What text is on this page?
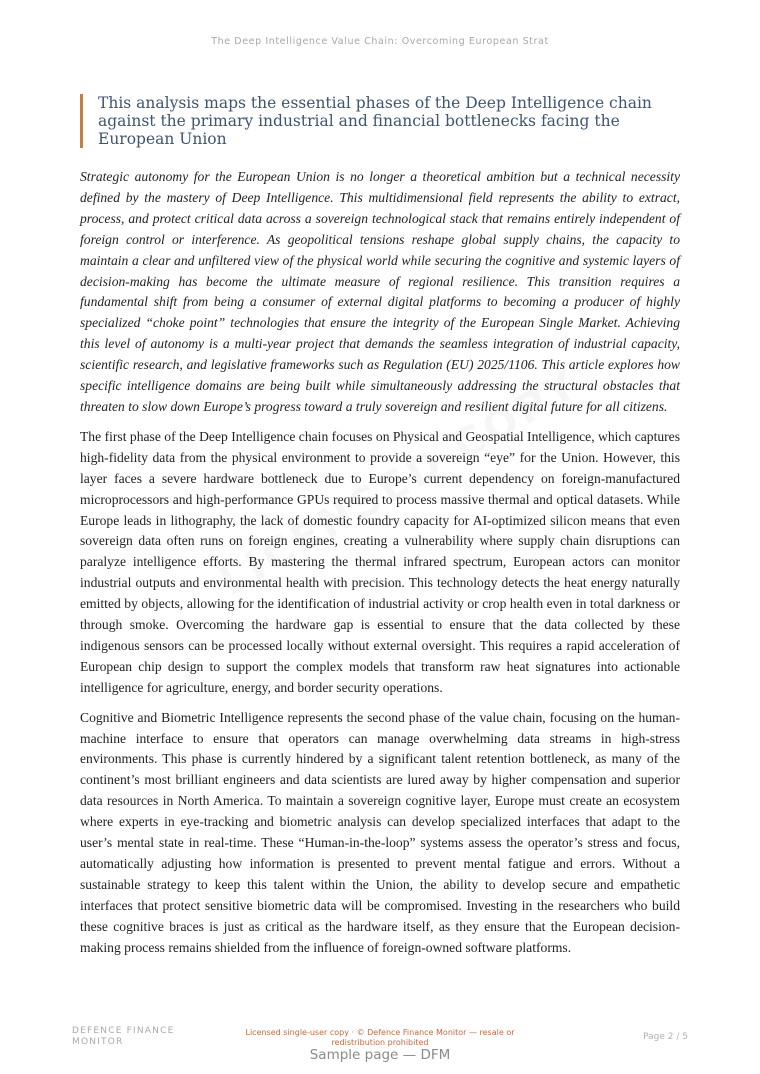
The Deep Intelligence Value Chain: Overcoming European Strat

This analysis maps the essential phases of the Deep Intelligence chain against the primary industrial and financial bottlenecks facing the European Union

Strategic autonomy for the European Union is no longer a theoretical ambition but a technical necessity defined by the mastery of Deep Intelligence. This multidimensional field represents the ability to extract, process, and protect critical data across a sovereign technological stack that remains entirely independent of foreign control or interference. As geopolitical tensions reshape global supply chains, the capacity to maintain a clear and unfiltered view of the physical world while securing the cognitive and systemic layers of decision-making has become the ultimate measure of regional resilience. This transition requires a fundamental shift from being a consumer of external digital platforms to becoming a producer of highly specialized “choke point” technologies that ensure the integrity of the European Single Market. Achieving this level of autonomy is a multi-year project that demands the seamless integration of industrial capacity, scientific research, and legislative frameworks such as Regulation (EU) 2025/1106. This article explores how specific intelligence domains are being built while simultaneously addressing the structural obstacles that threaten to slow down Europe’s progress toward a truly sovereign and resilient digital future for all citizens.

The first phase of the Deep Intelligence chain focuses on Physical and Geospatial Intelligence, which captures high-fidelity data from the physical environment to provide a sovereign “eye” for the Union. However, this layer faces a severe hardware bottleneck due to Europe’s current dependency on foreign-manufactured microprocessors and high-performance GPUs required to process massive thermal and optical datasets. While Europe leads in lithography, the lack of domestic foundry capacity for AI-optimized silicon means that even sovereign data often runs on foreign engines, creating a vulnerability where supply chain disruptions can paralyze intelligence efforts. By mastering the thermal infrared spectrum, European actors can monitor industrial outputs and environmental health with precision. This technology detects the heat energy naturally emitted by objects, allowing for the identification of industrial activity or crop health even in total darkness or through smoke. Overcoming the hardware gap is essential to ensure that the data collected by these indigenous sensors can be processed locally without external oversight. This requires a rapid acceleration of European chip design to support the complex models that transform raw heat signatures into actionable intelligence for agriculture, energy, and border security operations.

Cognitive and Biometric Intelligence represents the second phase of the value chain, focusing on the human-machine interface to ensure that operators can manage overwhelming data streams in high-stress environments. This phase is currently hindered by a significant talent retention bottleneck, as many of the continent’s most brilliant engineers and data scientists are lured away by higher compensation and superior data resources in North America. To maintain a sovereign cognitive layer, Europe must create an ecosystem where experts in eye-tracking and biometric analysis can develop specialized interfaces that adapt to the user’s mental state in real-time. These “Human-in-the-loop” systems assess the operator’s stress and focus, automatically adjusting how information is presented to prevent mental fatigue and errors. Without a sustainable strategy to keep this talent within the Union, the ability to develop secure and empathetic interfaces that protect sensitive biometric data will be compromised. Investing in the researchers who build these cognitive braces is just as critical as the hardware itself, as they ensure that the European decision-making process remains shielded from the influence of foreign-owned software platforms.

DEFENCE FINANCE
MONITOR
Licensed single-user copy · © Defence Finance Monitor — resale or redistribution prohibited
Page 2 / 5
Sample page — DFM
